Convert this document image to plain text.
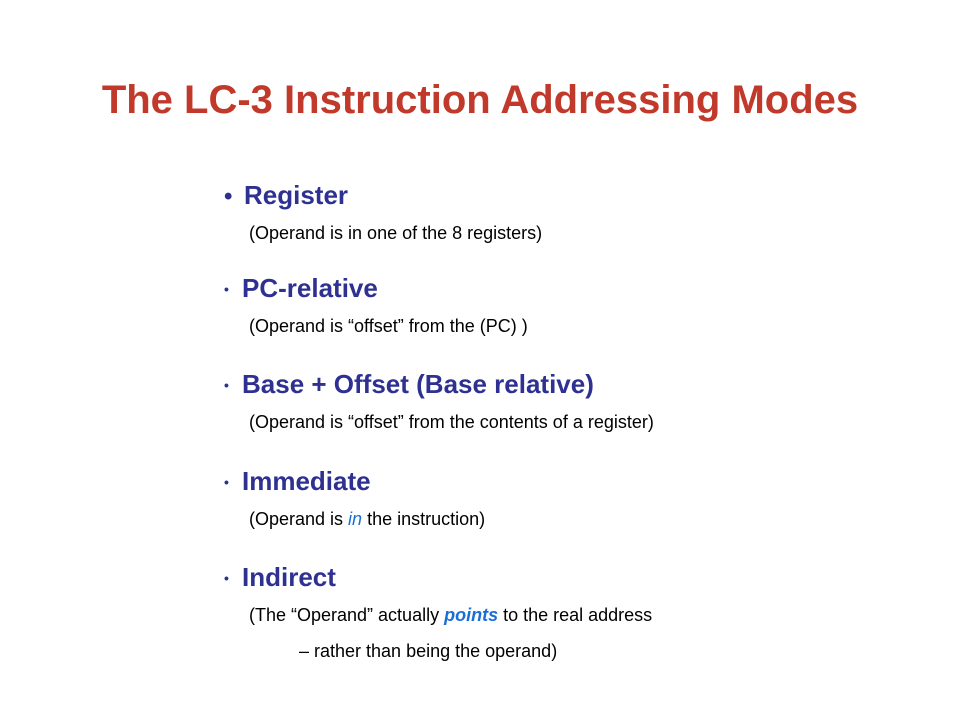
The LC-3 Instruction Addressing Modes
• Register
(Operand is in one of the 8 registers)
• PC-relative
(Operand is “offset” from the (PC) )
• Base + Offset (Base relative)
(Operand is “offset” from the contents of a register)
• Immediate
(Operand is in the instruction)
• Indirect
(The “Operand” actually points to the real address
– rather than being the operand)
